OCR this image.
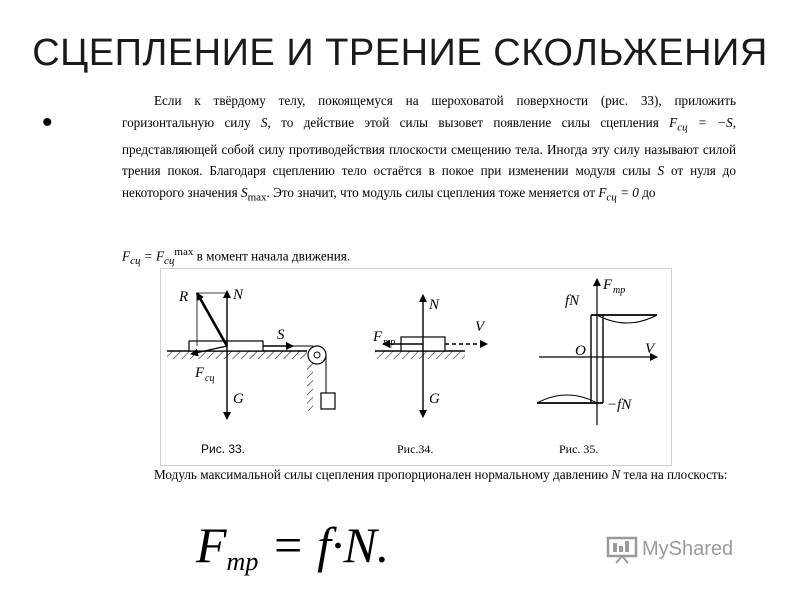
СЦЕПЛЕНИЕ И ТРЕНИЕ СКОЛЬЖЕНИЯ
•

Если к твёрдому телу, покоящемуся на шероховатой поверхности (рис. 33), приложить горизонтальную силу S, то действие этой силы вызовет появление силы сцепления $F_{сц} = -S$, представляющей собой силу противодействия плоскости смещению тела. Иногда эту силу называют силой трения покоя. Благодаря сцеплению тело остаётся в покое при изменении модуля силы S от нуля до некоторого значения $S_{max}$. Это значит, что модуль силы сцепления тоже меняется от $F_{сц} = 0$ до

$F_{сц} = F_{сц}^{max}$ в момент начала движения.
R	N
S
F сц
G
Рис. 33.
N
V
F тр
G
Рис.34.
F тр
fN
O	V
−fN
Рис. 35.

Модуль максимальной силы сцепления пропорционален нормальному давлению N тела на плоскость:

$F_{тр} = f\cdot N$.	MyShared
